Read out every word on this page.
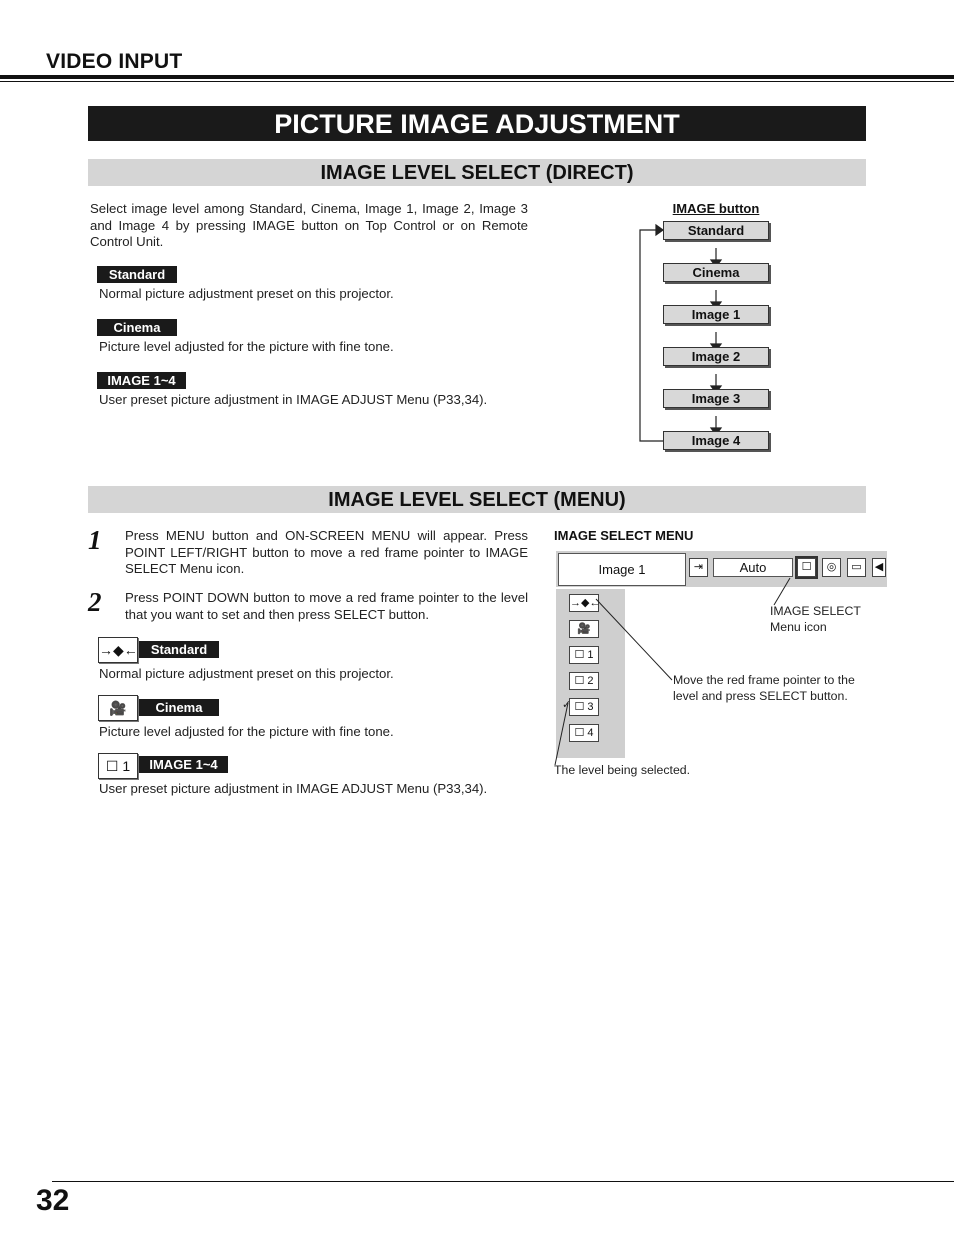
VIDEO INPUT
PICTURE IMAGE ADJUSTMENT
IMAGE LEVEL SELECT (DIRECT)
Select image level among Standard, Cinema, Image 1, Image 2, Image 3 and Image 4 by pressing IMAGE button on Top Control or on Remote Control Unit.
Standard
Normal picture adjustment preset on this projector.
Cinema
Picture level adjusted for the picture with fine tone.
IMAGE 1~4
User preset picture adjustment in IMAGE ADJUST Menu (P33,34).
IMAGE button
Standard
Cinema
Image 1
Image 2
Image 3
Image 4
IMAGE LEVEL SELECT (MENU)
1 Press MENU button and ON-SCREEN MENU will appear. Press POINT LEFT/RIGHT button to move a red frame pointer to IMAGE SELECT Menu icon.
2 Press POINT DOWN button to move a red frame pointer to the level that you want to set and then press SELECT button.
→◆←	Standard
Normal picture adjustment preset on this projector.
🎥	Cinema
Picture level adjusted for the picture with fine tone.
☐ 1	IMAGE 1~4
User preset picture adjustment in IMAGE ADJUST Menu (P33,34).
IMAGE SELECT MENU
Image 1	⇥	Auto	☐	◎	▭	◀
→◆←
🎥
☐ 1
☐ 2
☐ 3
☐ 4
✓
IMAGE SELECT
Menu icon
Move the red frame pointer to the level and press SELECT button.
The level being selected.
32
